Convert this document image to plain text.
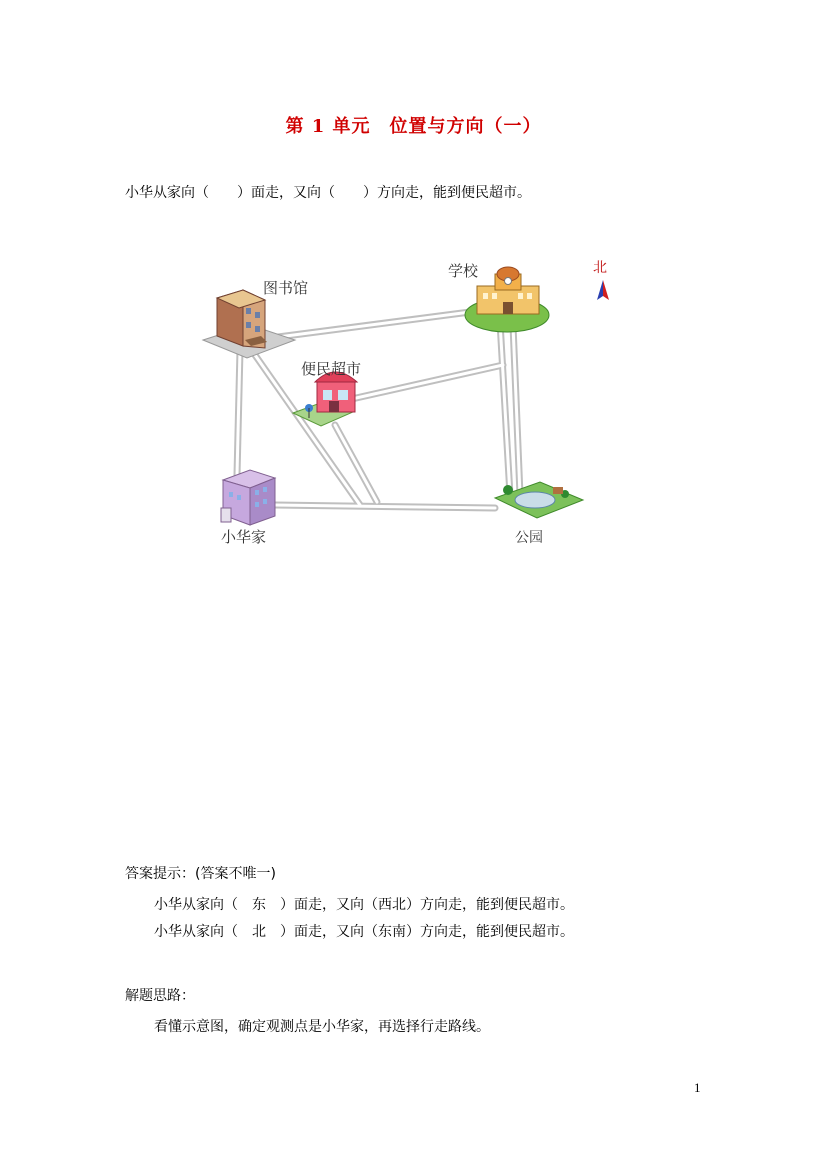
第 1 单元　位置与方向（一）
小华从家向（　　）面走，又向（　　）方向走，能到便民超市。
图书馆
学校
便民超市
小华家	公园
北
答案提示：(答案不唯一)
小华从家向（　东　）面走，又向（西北）方向走，能到便民超市。
小华从家向（　北　）面走，又向（东南）方向走，能到便民超市。
解题思路：
看懂示意图，确定观测点是小华家，再选择行走路线。
1
